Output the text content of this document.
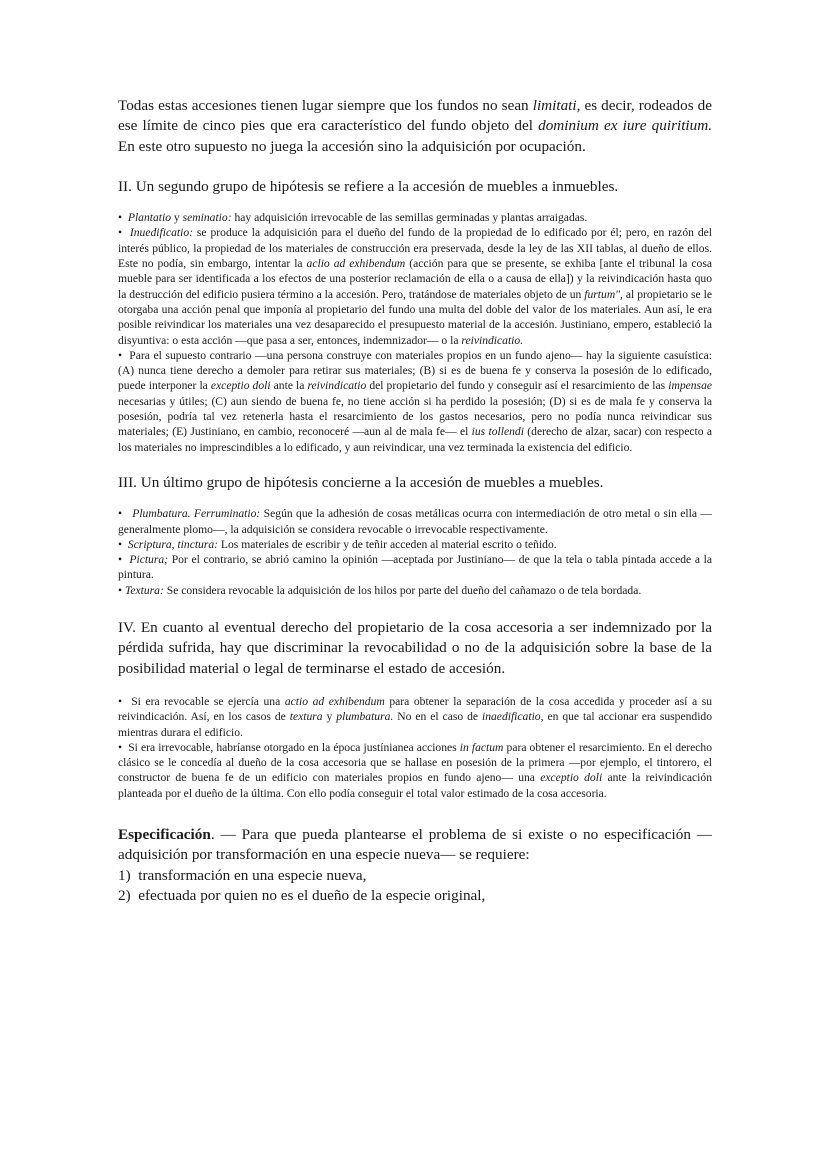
Todas estas accesiones tienen lugar siempre que los fundos no sean limitati, es decir, rodeados de ese límite de cinco pies que era característico del fundo objeto del dominium ex iure quiritium. En este otro supuesto no juega la accesión sino la adquisición por ocupación.

II. Un segundo grupo de hipótesis se refiere a la accesión de muebles a inmuebles.

•  Plantatio y seminatio: hay adquisición irrevocable de las semillas germinadas y plantas arraigadas.

•  Inuedificatio: se produce la adquisición para el dueño del fundo de la propiedad de lo edificado por él; pero, en razón del interés público, la propiedad de los materiales de construcción era preservada, desde la ley de las XII tablas, al dueño de ellos. Este no podía, sin embargo, intentar la aclio ad exhibendum (acción para que se presente, se exhiba [ante el tribunal la cosa mueble para ser identificada a los efectos de una posterior reclamación de ella o a causa de ella]) y la reivindicación hasta quo la destrucción del edificio pusiera término a la accesión. Pero, tratándose de materiales objeto de un furtum", al propietario se le otorgaba una acción penal que imponía al propietario del fundo una multa del doble del valor de los materiales. Aun así, le era posible reivindicar los materiales una vez desaparecido el presupuesto material de la accesión. Justiniano, empero, estableció la disyuntiva: o esta acción —que pasa a ser, entonces, indemnizador— o la reivindicatio.

•  Para el supuesto contrario —una persona construye con materiales propios en un fundo ajeno— hay la siguiente casuística: (A) nunca tiene derecho a demoler para retirar sus materiales; (B) si es de buena fe y conserva la posesión de lo edificado, puede interponer la exceptio doli ante la reivindicatio del propietario del fundo y conseguir así el resarcimiento de las impensae necesarias y útiles; (C) aun siendo de buena fe, no tiene acción si ha perdido la posesión; (D) si es de mala fe y conserva la posesión, podría tal vez retenerla hasta el resarcimiento de los gastos necesarios, pero no podía nunca reivindicar sus materiales; (E) Justiniano, en cambio, reconoceré —aun al de mala fe— el ius tollendi (derecho de alzar, sacar) con respecto a los materiales no imprescindibles a lo edificado, y aun reivindicar, una vez terminada la existencia del edificio.

III. Un último grupo de hipótesis concierne a la accesión de muebles a muebles.

•   Plumbatura. Ferruminatio: Según que la adhesión de cosas metálicas ocurra con intermediación de otro metal o sin ella —generalmente plomo—, la adquisición se considera revocable o irrevocable respectivamente.

•  Scriptura, tinctura: Los materiales de escribir y de teñir acceden al material escrito o teñido.

•  Pictura; Por el contrario, se abrió camino la opinión —aceptada por Justiniano— de que la tela o tabla pintada accede a la pintura.

• Textura: Se considera revocable la adquisición de los hilos por parte del dueño del cañamazo o de tela bordada.

IV. En cuanto al eventual derecho del propietario de la cosa accesoria a ser indemnizado por la pérdida sufrida, hay que discriminar la revocabilidad o no de la adquisición sobre la base de la posibilidad material o legal de terminarse el estado de accesión.

•  Si era revocable se ejercía una actio ad exhibendum para obtener la separación de la cosa accedida y proceder así a su reivindicación. Así, en los casos de textura y plumbatura. No en el caso de inaedificatio, en que tal accionar era suspendido mientras durara el edificio.

•  Si era irrevocable, habríanse otorgado en la época justínianea acciones in factum para obtener el resarcimiento. En el derecho clásico se le concedía al dueño de la cosa accesoria que se hallase en posesión de la primera —por ejemplo, el tintorero, el constructor de buena fe de un edificio con materiales propios en fundo ajeno— una exceptio doli ante la reivindicación planteada por el dueño de la última. Con ello podía conseguir el total valor estimado de la cosa accesoria.

Especificación. — Para que pueda plantearse el problema de si existe o no especificación —adquisición por transformación en una especie nueva— se requiere:

1) transformación en una especie nueva,
2) efectuada por quien no es el dueño de la especie original,
